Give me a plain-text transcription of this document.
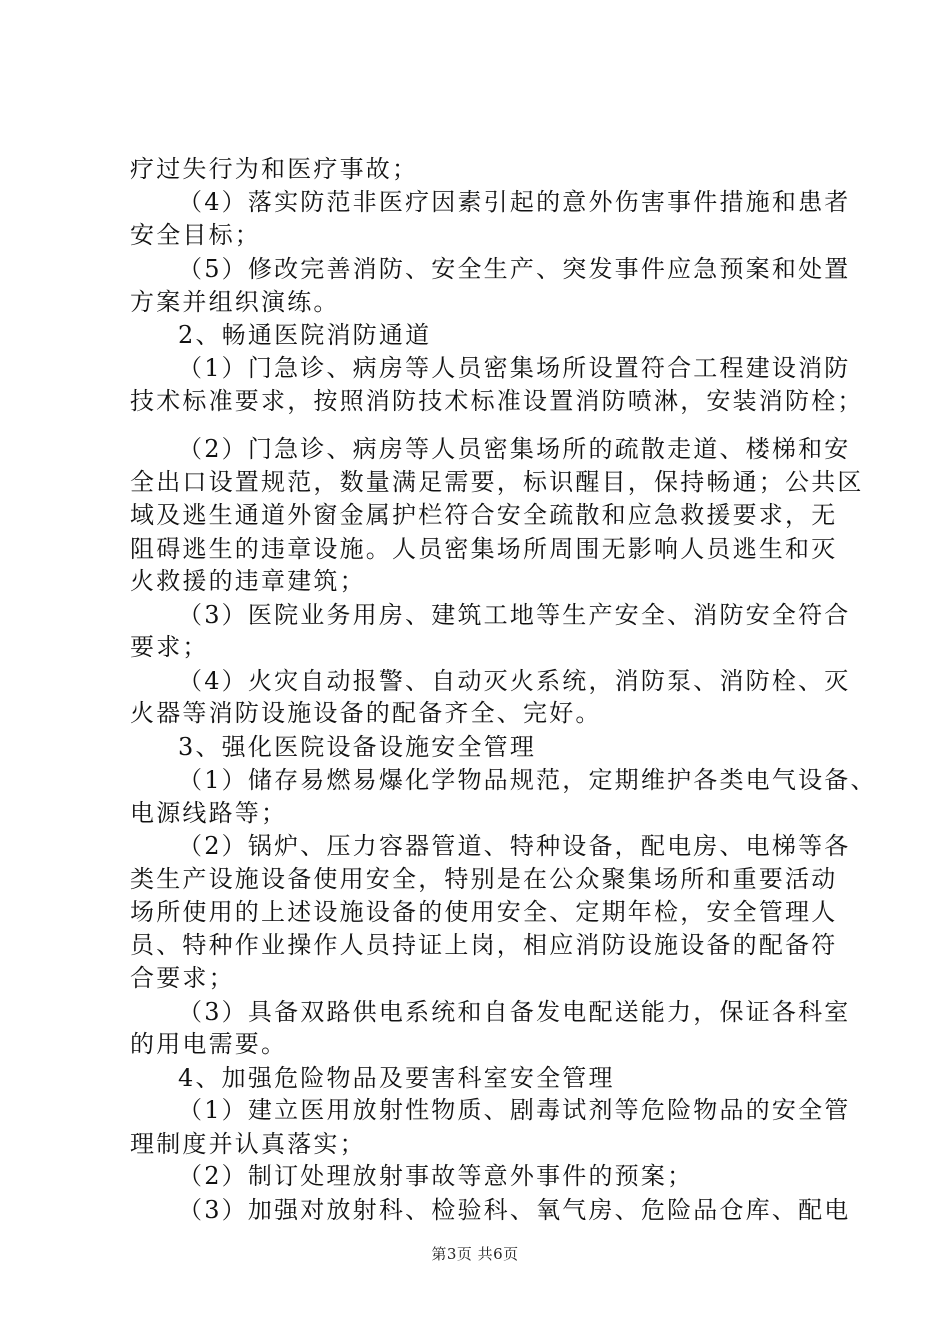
疗过失行为和医疗事故；
（4）落实防范非医疗因素引起的意外伤害事件措施和患者
安全目标；
（5）修改完善消防、安全生产、突发事件应急预案和处置
方案并组织演练。
2、畅通医院消防通道
（1）门急诊、病房等人员密集场所设置符合工程建设消防
技术标准要求，按照消防技术标准设置消防喷淋，安装消防栓；
（2）门急诊、病房等人员密集场所的疏散走道、楼梯和安
全出口设置规范，数量满足需要，标识醒目，保持畅通；公共区
域及逃生通道外窗金属护栏符合安全疏散和应急救援要求，无
阻碍逃生的违章设施。人员密集场所周围无影响人员逃生和灭
火救援的违章建筑；
（3）医院业务用房、建筑工地等生产安全、消防安全符合
要求；
（4）火灾自动报警、自动灭火系统，消防泵、消防栓、灭
火器等消防设施设备的配备齐全、完好。
3、强化医院设备设施安全管理
（1）储存易燃易爆化学物品规范，定期维护各类电气设备、
电源线路等；
（2）锅炉、压力容器管道、特种设备，配电房、电梯等各
类生产设施设备使用安全，特别是在公众聚集场所和重要活动
场所使用的上述设施设备的使用安全、定期年检，安全管理人
员、特种作业操作人员持证上岗，相应消防设施设备的配备符
合要求；
（3）具备双路供电系统和自备发电配送能力，保证各科室
的用电需要。
4、加强危险物品及要害科室安全管理
（1）建立医用放射性物质、剧毒试剂等危险物品的安全管
理制度并认真落实；
（2）制订处理放射事故等意外事件的预案；
（3）加强对放射科、检验科、氧气房、危险品仓库、配电
第3页 共6页
